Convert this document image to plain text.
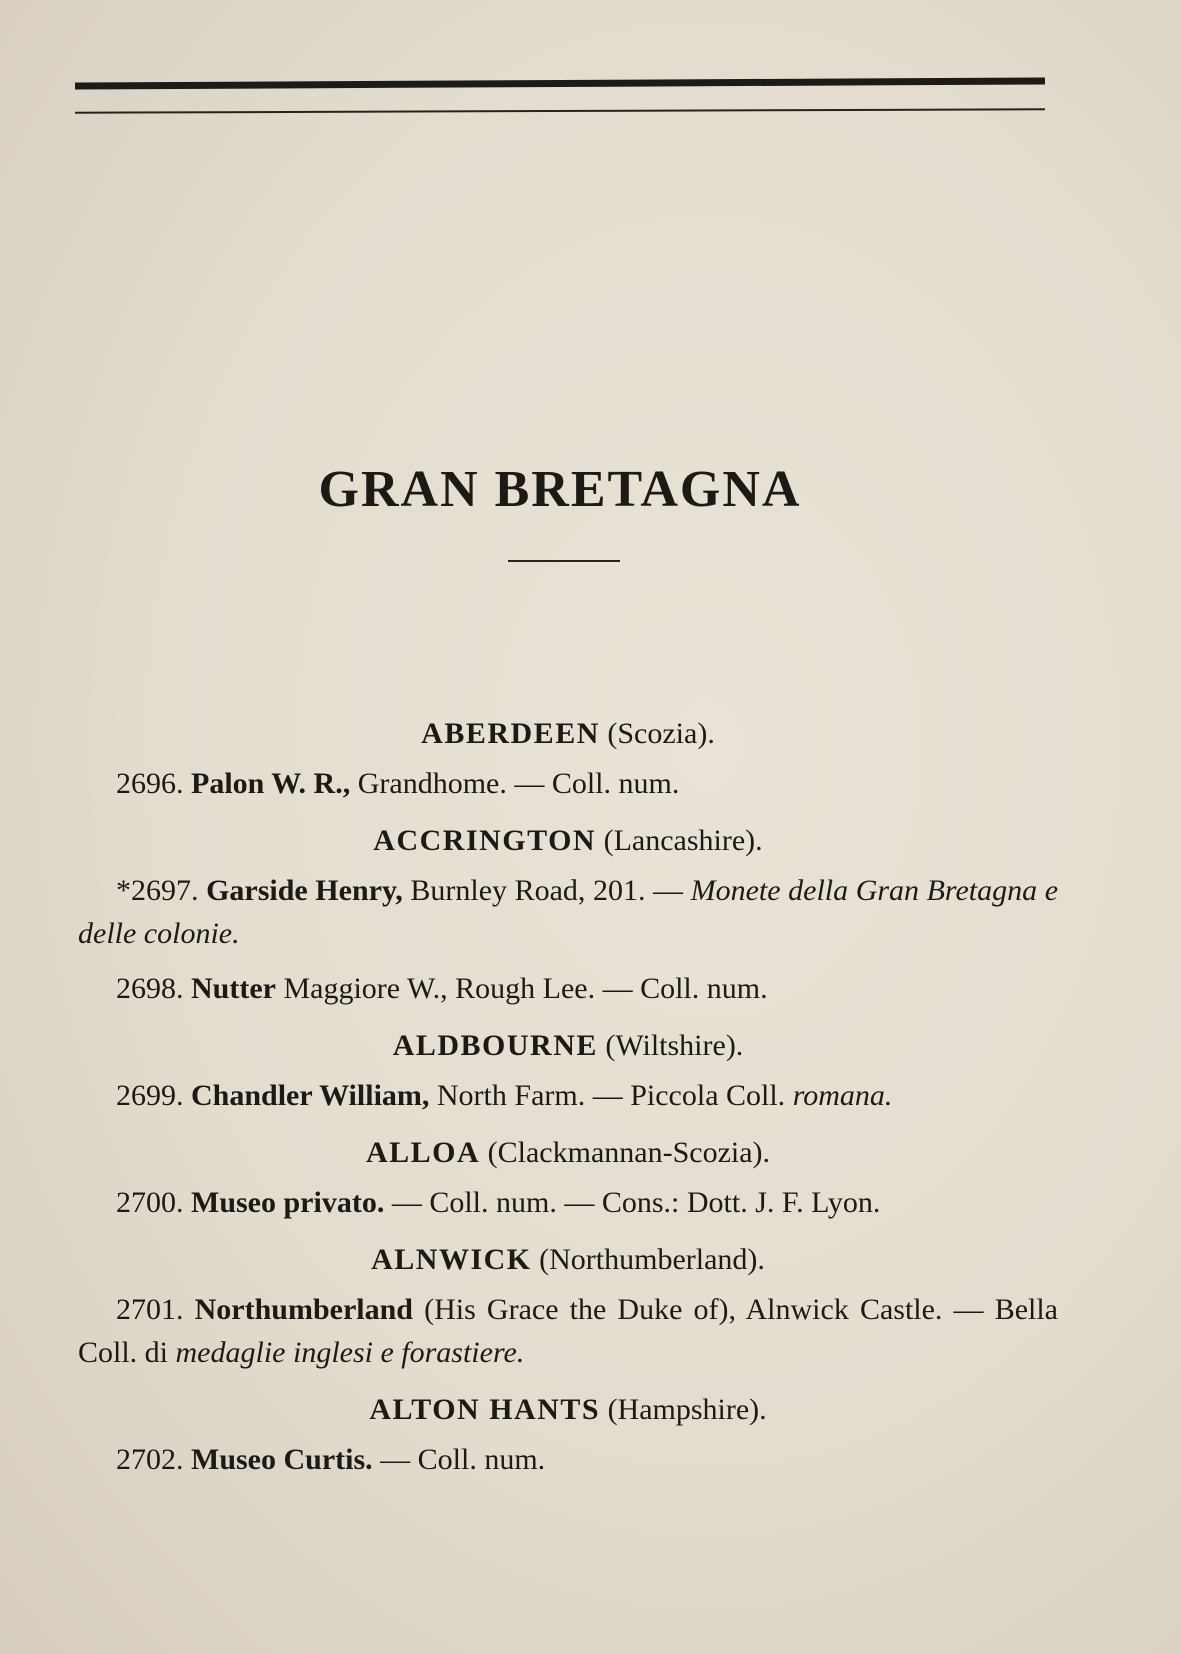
GRAN BRETAGNA

ABERDEEN (Scozia).

2696. Palon W. R., Grandhome. — Coll. num.

ACCRINGTON (Lancashire).

*2697. Garside Henry, Burnley Road, 201. — Monete della Gran Bretagna e delle colonie.

2698. Nutter Maggiore W., Rough Lee. — Coll. num.

ALDBOURNE (Wiltshire).

2699. Chandler William, North Farm. — Piccola Coll. romana.

ALLOA (Clackmannan-Scozia).

2700. Museo privato. — Coll. num. — Cons.: Dott. J. F. Lyon.

ALNWICK (Northumberland).

2701. Northumberland (His Grace the Duke of), Alnwick Castle. — Bella Coll. di medaglie inglesi e forastiere.

ALTON HANTS (Hampshire).

2702. Museo Curtis. — Coll. num.
